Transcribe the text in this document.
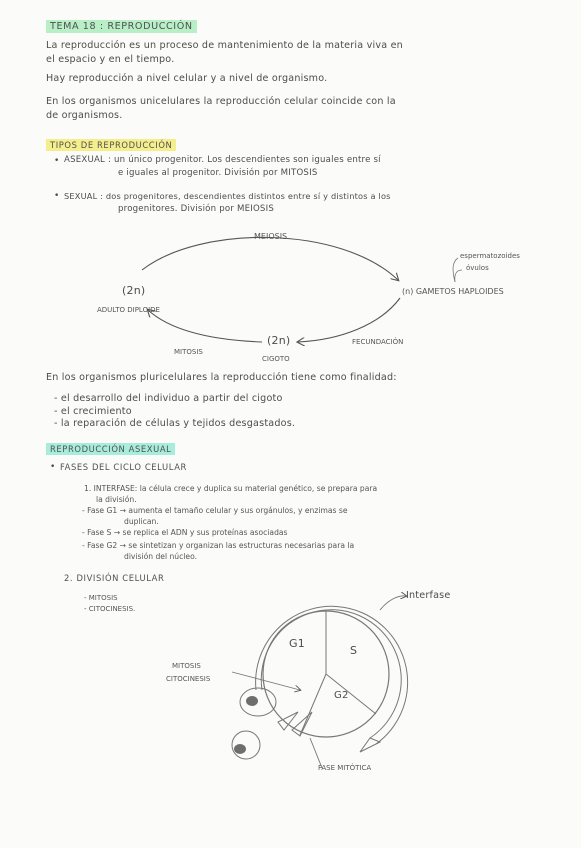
TEMA 18 : REPRODUCCIÓN
La reproducción es un proceso de mantenimiento de la materia viva en
el espacio y en el tiempo.
Hay reproducción a nivel celular y a nivel de organismo.
En los organismos unicelulares la reproducción celular coincide con la
de organismos.
TIPOS DE REPRODUCCIÓN
• ASEXUAL : un único progenitor. Los descendientes son iguales entre sí
e iguales al progenitor. División por MITOSIS
• SEXUAL : dos progenitores, descendientes distintos entre sí y distintos a los
progenitores. División por MEIOSIS
MEIOSIS
espermatozoides
óvulos
(n) GAMETOS HAPLOIDES
(2n)
ADULTO DIPLOIDE
(2n)
CIGOTO
MITOSIS
FECUNDACIÓN
En los organismos pluricelulares la reproducción tiene como finalidad:
- el desarrollo del individuo a partir del cigoto
- el crecimiento
- la reparación de células y tejidos desgastados.
REPRODUCCIÓN ASEXUAL
• FASES DEL CICLO CELULAR
1. INTERFASE: la célula crece y duplica su material genético, se prepara para
la división.
- Fase G1 → aumenta el tamaño celular y sus orgánulos, y enzimas se
duplican.
- Fase S → se replica el ADN y sus proteínas asociadas
- Fase G2 → se sintetizan y organizan las estructuras necesarias para la
división del núcleo.
2. DIVISIÓN CELULAR
- MITOSIS
- CITOCINESIS.
Interfase
G1
S
G2
MITOSIS
CITOCINESIS
FASE MITÓTICA
